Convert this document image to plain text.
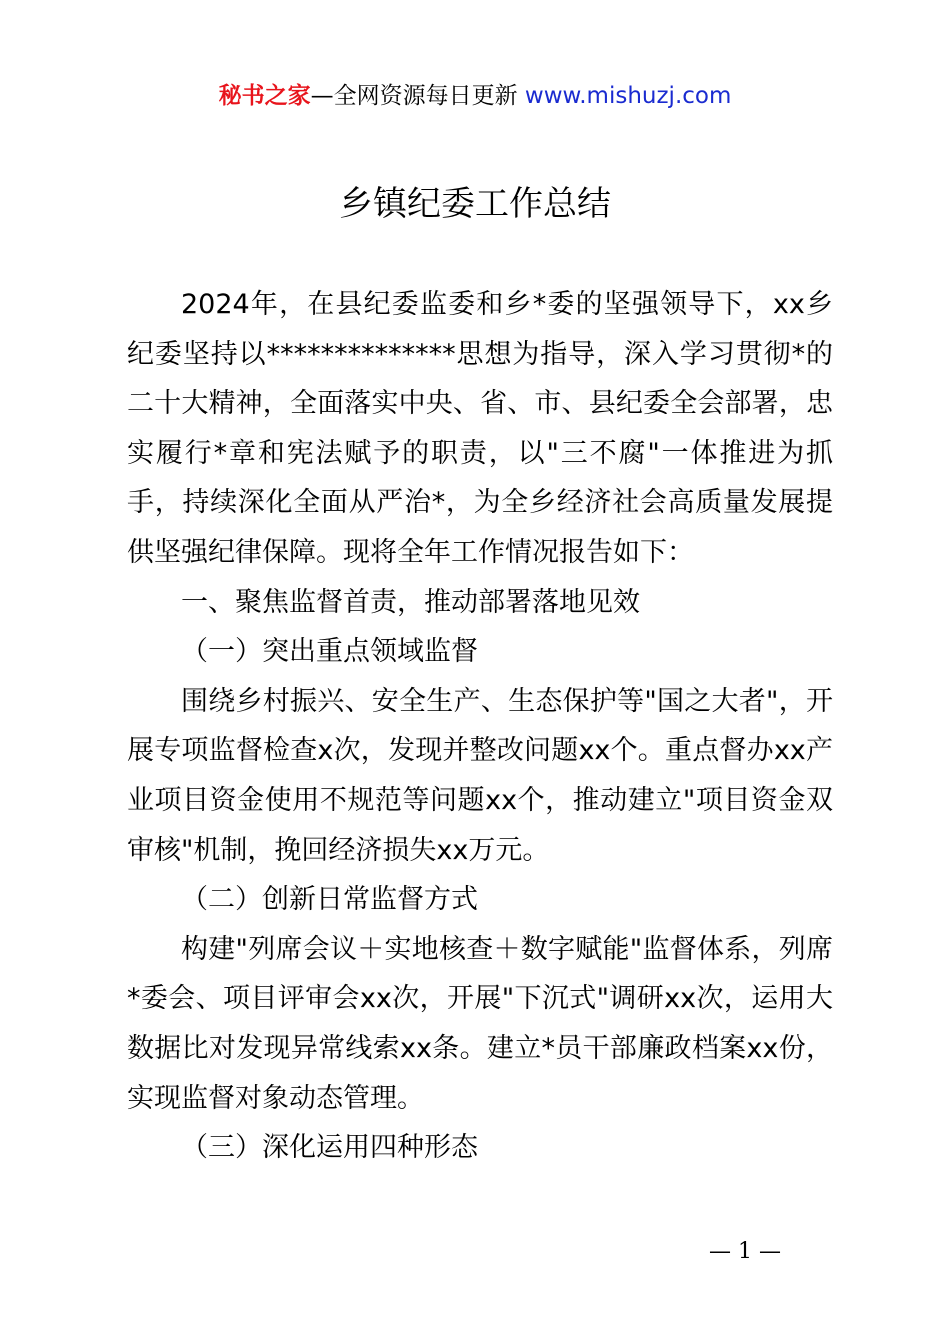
秘书之家—全网资源每日更新 www.mishuzj.com
乡镇纪委工作总结

2024年，在县纪委监委和乡*委的坚强领导下，xx乡纪委坚持以**************思想为指导，深入学习贯彻*的二十大精神，全面落实中央、省、市、县纪委全会部署，忠实履行*章和宪法赋予的职责，以"三不腐"一体推进为抓手，持续深化全面从严治*，为全乡经济社会高质量发展提供坚强纪律保障。现将全年工作情况报告如下：

一、聚焦监督首责，推动部署落地见效

（一）突出重点领域监督

围绕乡村振兴、安全生产、生态保护等"国之大者"，开展专项监督检查x次，发现并整改问题xx个。重点督办xx产业项目资金使用不规范等问题xx个，推动建立"项目资金双审核"机制，挽回经济损失xx万元。

（二）创新日常监督方式

构建"列席会议＋实地核查＋数字赋能"监督体系，列席*委会、项目评审会xx次，开展"下沉式"调研xx次，运用大数据比对发现异常线索xx条。建立*员干部廉政档案xx份，实现监督对象动态管理。

（三）深化运用四种形态

— 1 —
